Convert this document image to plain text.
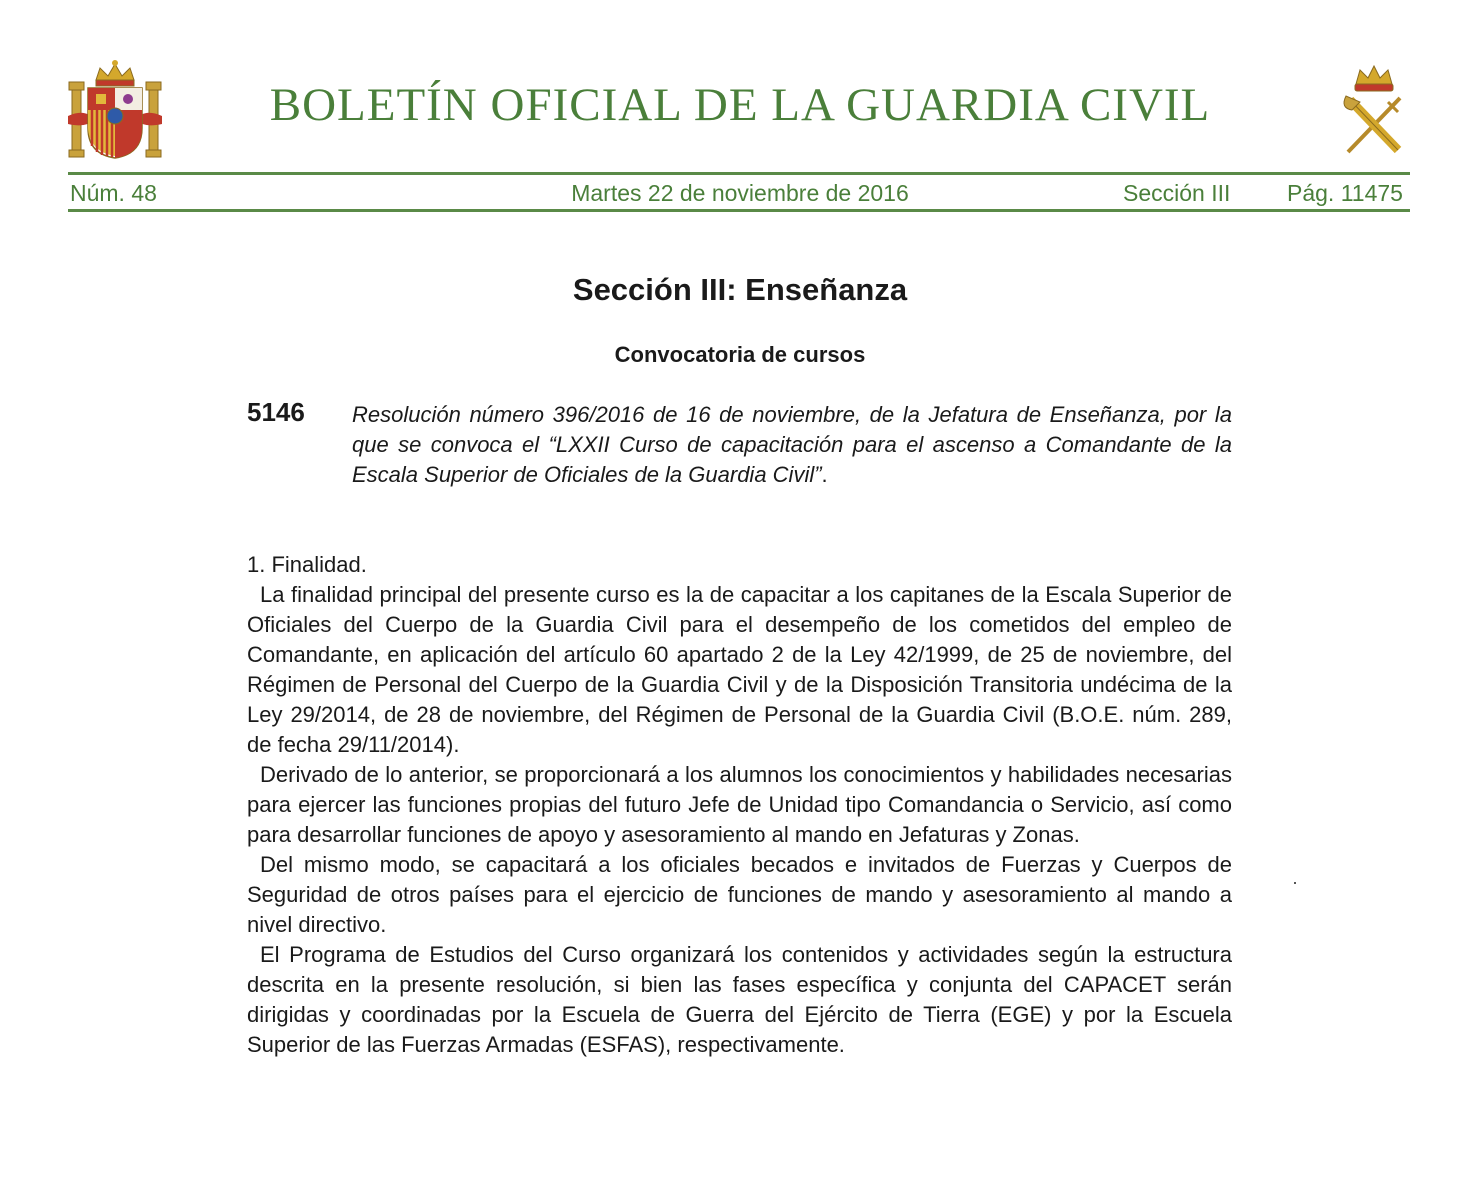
BOLETÍN OFICIAL DE LA GUARDIA CIVIL
Núm. 48	Martes 22 de noviembre de 2016	Sección III Pág. 11475
Sección III: Enseñanza
Convocatoria de cursos
5146 Resolución número 396/2016 de 16 de noviembre, de la Jefatura de Enseñanza, por la que se convoca el “LXXII Curso de capacitación para el ascenso a Comandante de la Escala Superior de Oficiales de la Guardia Civil”.

1. Finalidad.

La finalidad principal del presente curso es la de capacitar a los capitanes de la Escala Superior de Oficiales del Cuerpo de la Guardia Civil para el desempeño de los cometidos del empleo de Comandante, en aplicación del artículo 60 apartado 2 de la Ley 42/1999, de 25 de noviembre, del Régimen de Personal del Cuerpo de la Guardia Civil y de la Disposición Transitoria undécima de la Ley 29/2014, de 28 de noviembre, del Régimen de Personal de la Guardia Civil (B.O.E. núm. 289, de fecha 29/11/2014).

Derivado de lo anterior, se proporcionará a los alumnos los conocimientos y habilidades necesarias para ejercer las funciones propias del futuro Jefe de Unidad tipo Comandancia o Servicio, así como para desarrollar funciones de apoyo y asesoramiento al mando en Jefaturas y Zonas.

Del mismo modo, se capacitará a los oficiales becados e invitados de Fuerzas y Cuerpos de Seguridad de otros países para el ejercicio de funciones de mando y asesoramiento al mando a nivel directivo.

El Programa de Estudios del Curso organizará los contenidos y actividades según la estructura descrita en la presente resolución, si bien las fases específica y conjunta del CAPACET serán dirigidas y coordinadas por la Escuela de Guerra del Ejército de Tierra (EGE) y por la Escuela Superior de las Fuerzas Armadas (ESFAS), respectivamente.
